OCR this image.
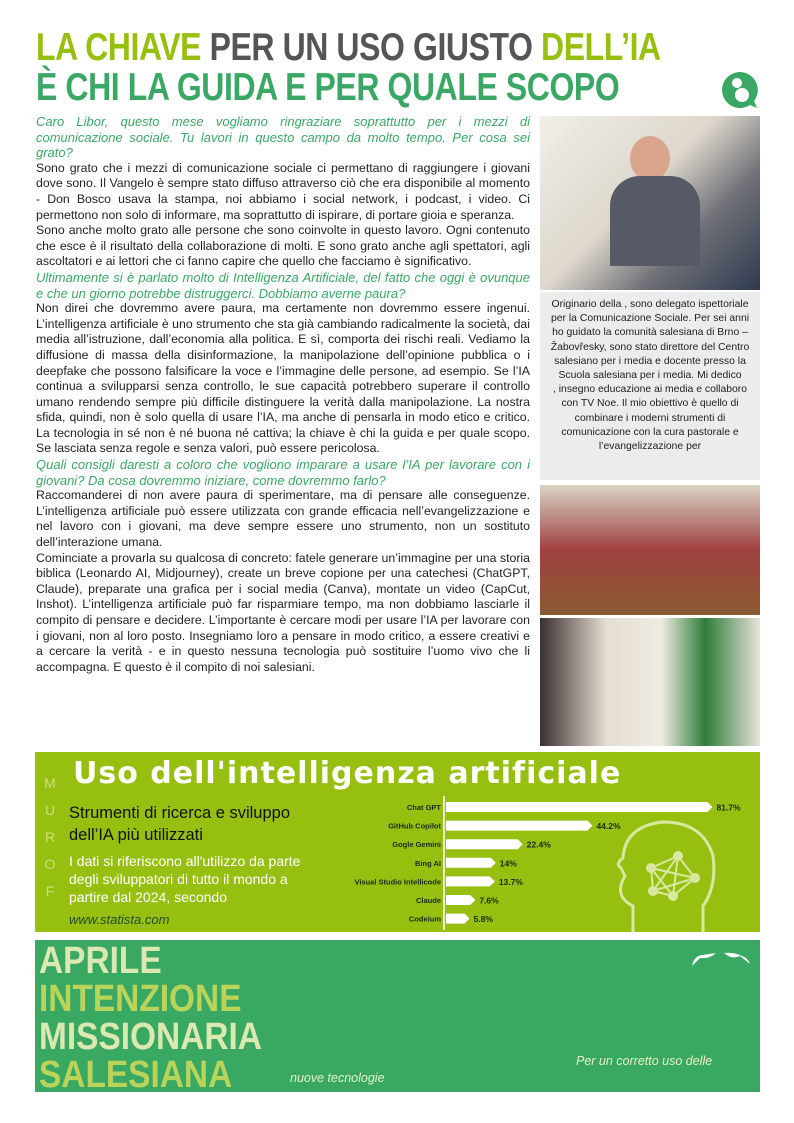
LA CHIAVE PER UN USO GIUSTO DELL’IA
È CHI LA GUIDA E PER QUALE SCOPO

Caro Libor, questo mese vogliamo ringraziare soprattutto per i mezzi di comunicazione sociale. Tu lavori in questo campo da molto tempo. Per cosa sei grato?

Sono grato che i mezzi di comunicazione sociale ci permettano di raggiungere i giovani dove sono. Il Vangelo è sempre stato diffuso attraverso ciò che era disponibile al momento - Don Bosco usava la stampa, noi abbiamo i social network, i podcast, i video. Ci permettono non solo di informare, ma soprattutto di ispirare, di portare gioia e speranza.

Sono anche molto grato alle persone che sono coinvolte in questo lavoro. Ogni contenuto che esce è il risultato della collaborazione di molti. E sono grato anche agli spettatori, agli ascoltatori e ai lettori che ci fanno capire che quello che facciamo è significativo.

Ultimamente si è parlato molto di Intelligenza Artificiale, del fatto che oggi è ovunque e che un giorno potrebbe distruggerci. Dobbiamo averne paura?

Non direi che dovremmo avere paura, ma certamente non dovremmo essere ingenui. L’intelligenza artificiale è uno strumento che sta già cambiando radicalmente la società, dai media all’istruzione, dall’economia alla politica. E sì, comporta dei rischi reali. Vediamo la diffusione di massa della disinformazione, la manipolazione dell’opinione pubblica o i deepfake che possono falsificare la voce e l’immagine delle persone, ad esempio. Se l’IA continua a svilupparsi senza controllo, le sue capacità potrebbero superare il controllo umano rendendo sempre più difficile distinguere la verità dalla manipolazione. La nostra sfida, quindi, non è solo quella di usare l’IA, ma anche di pensarla in modo etico e critico. La tecnologia in sé non è né buona né cattiva; la chiave è chi la guida e per quale scopo. Se lasciata senza regole e senza valori, può essere pericolosa.

Quali consigli daresti a coloro che vogliono imparare a usare l’IA per lavorare con i giovani? Da cosa dovremmo iniziare, come dovremmo farlo?

Raccomanderei di non avere paura di sperimentare, ma di pensare alle conseguenze. L’intelligenza artificiale può essere utilizzata con grande efficacia nell’evangelizzazione e nel lavoro con i giovani, ma deve sempre essere uno strumento, non un sostituto dell’interazione umana.

Cominciate a provarla su qualcosa di concreto: fatele generare un’immagine per una storia biblica (Leonardo AI, Midjourney), create un breve copione per una catechesi (ChatGPT, Claude), preparate una grafica per i social media (Canva), montate un video (CapCut, Inshot). L’intelligenza artificiale può far risparmiare tempo, ma non dobbiamo lasciarle il compito di pensare e decidere. L’importante è cercare modi per usare l’IA per lavorare con i giovani, non al loro posto. Insegniamo loro a pensare in modo critico, a essere creativi e a cercare la verità - e in questo nessuna tecnologia può sostituire l’uomo vivo che li accompagna. E questo è il compito di noi salesiani.

Originario della , sono delegato ispettoriale per la Comunicazione Sociale. Per sei anni ho guidato la comunità salesiana di Brno – Žabovřesky, sono stato direttore del Centro salesiano per i media e docente presso la Scuola salesiana per i media. Mi dedico
, insegno educazione ai media e collaboro con TV Noe. Il mio obiettivo è quello di combinare i moderni strumenti di comunicazione con la cura pastorale e l’evangelizzazione per
M
U
R
O
F
Uso dell'intelligenza artificiale
Strumenti di ricerca e sviluppo dell’IA più utilizzati
I dati si riferiscono all'utilizzo da parte degli sviluppatori di tutto il mondo a partire dal 2024, secondo
www.statista.com
Chat GPT	81.7%
GitHub Copilot	44.2%
Gogle Gemini	22.4%
Bing AI	14%
Visual Studio Intellicode	13.7%
Claude	7.6%
Codeium	5.8%
APRILE
INTENZIONE
MISSIONARIA
SALESIANA	nuove tecnologie
Per un corretto uso delle
